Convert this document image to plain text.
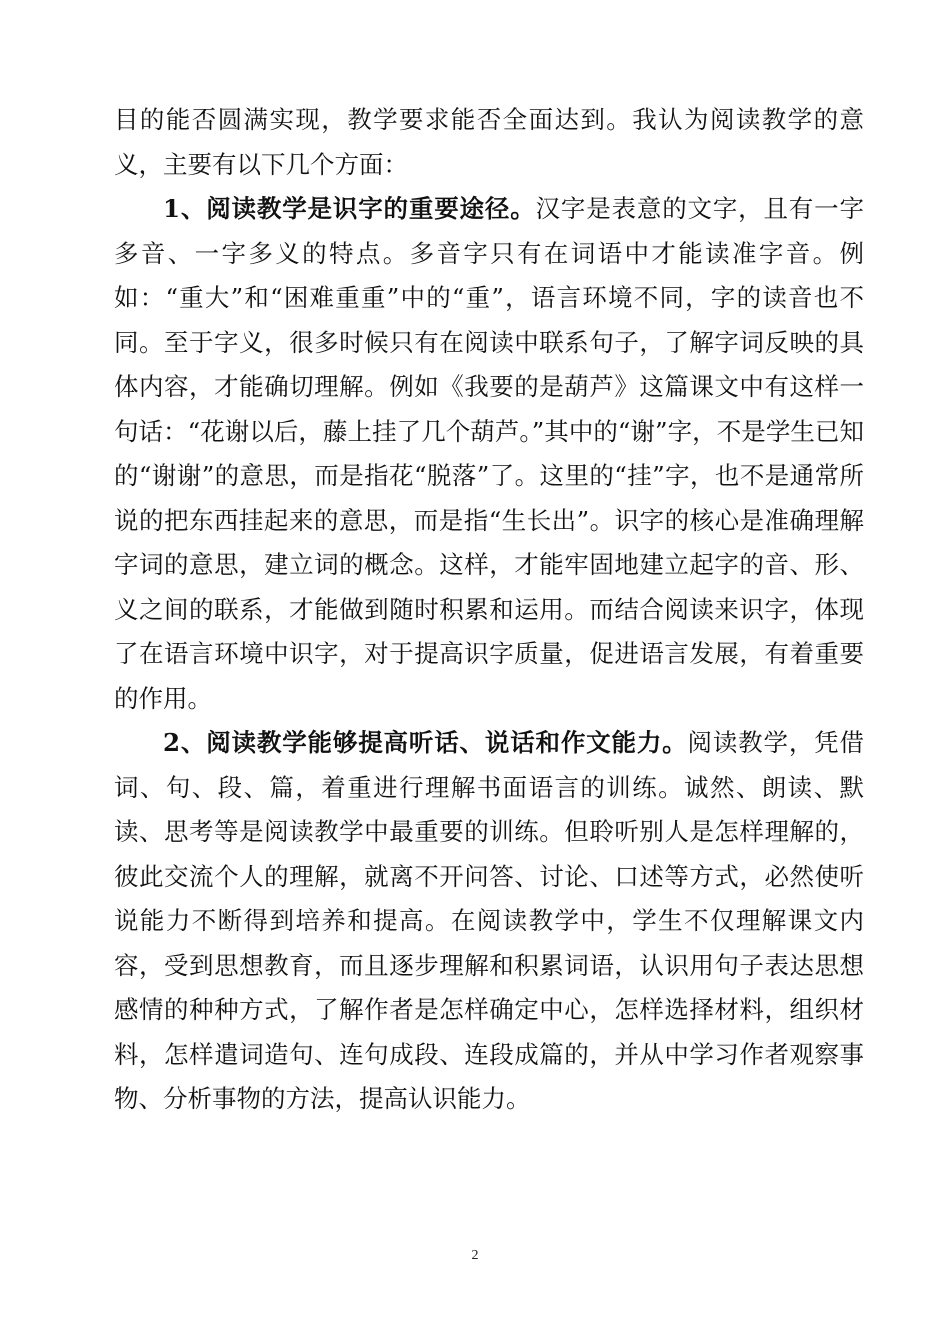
目的能否圆满实现，教学要求能否全面达到。我认为阅读教学的意义，主要有以下几个方面：

1、阅读教学是识字的重要途径。汉字是表意的文字，且有一字多音、一字多义的特点。多音字只有在词语中才能读准字音。例如：“重大”和“困难重重”中的“重”，语言环境不同，字的读音也不同。至于字义，很多时候只有在阅读中联系句子，了解字词反映的具体内容，才能确切理解。例如《我要的是葫芦》这篇课文中有这样一句话：“花谢以后，藤上挂了几个葫芦。”其中的“谢”字，不是学生已知的“谢谢”的意思，而是指花“脱落”了。这里的“挂”字，也不是通常所说的把东西挂起来的意思，而是指“生长出”。识字的核心是准确理解字词的意思，建立词的概念。这样，才能牢固地建立起字的音、形、义之间的联系，才能做到随时积累和运用。而结合阅读来识字，体现了在语言环境中识字，对于提高识字质量，促进语言发展，有着重要的作用。

2、阅读教学能够提高听话、说话和作文能力。阅读教学，凭借词、句、段、篇，着重进行理解书面语言的训练。诚然、朗读、默读、思考等是阅读教学中最重要的训练。但聆听别人是怎样理解的，彼此交流个人的理解，就离不开问答、讨论、口述等方式，必然使听说能力不断得到培养和提高。在阅读教学中，学生不仅理解课文内容，受到思想教育，而且逐步理解和积累词语，认识用句子表达思想感情的种种方式，了解作者是怎样确定中心，怎样选择材料，组织材料，怎样遣词造句、连句成段、连段成篇的，并从中学习作者观察事物、分析事物的方法，提高认识能力。

2
